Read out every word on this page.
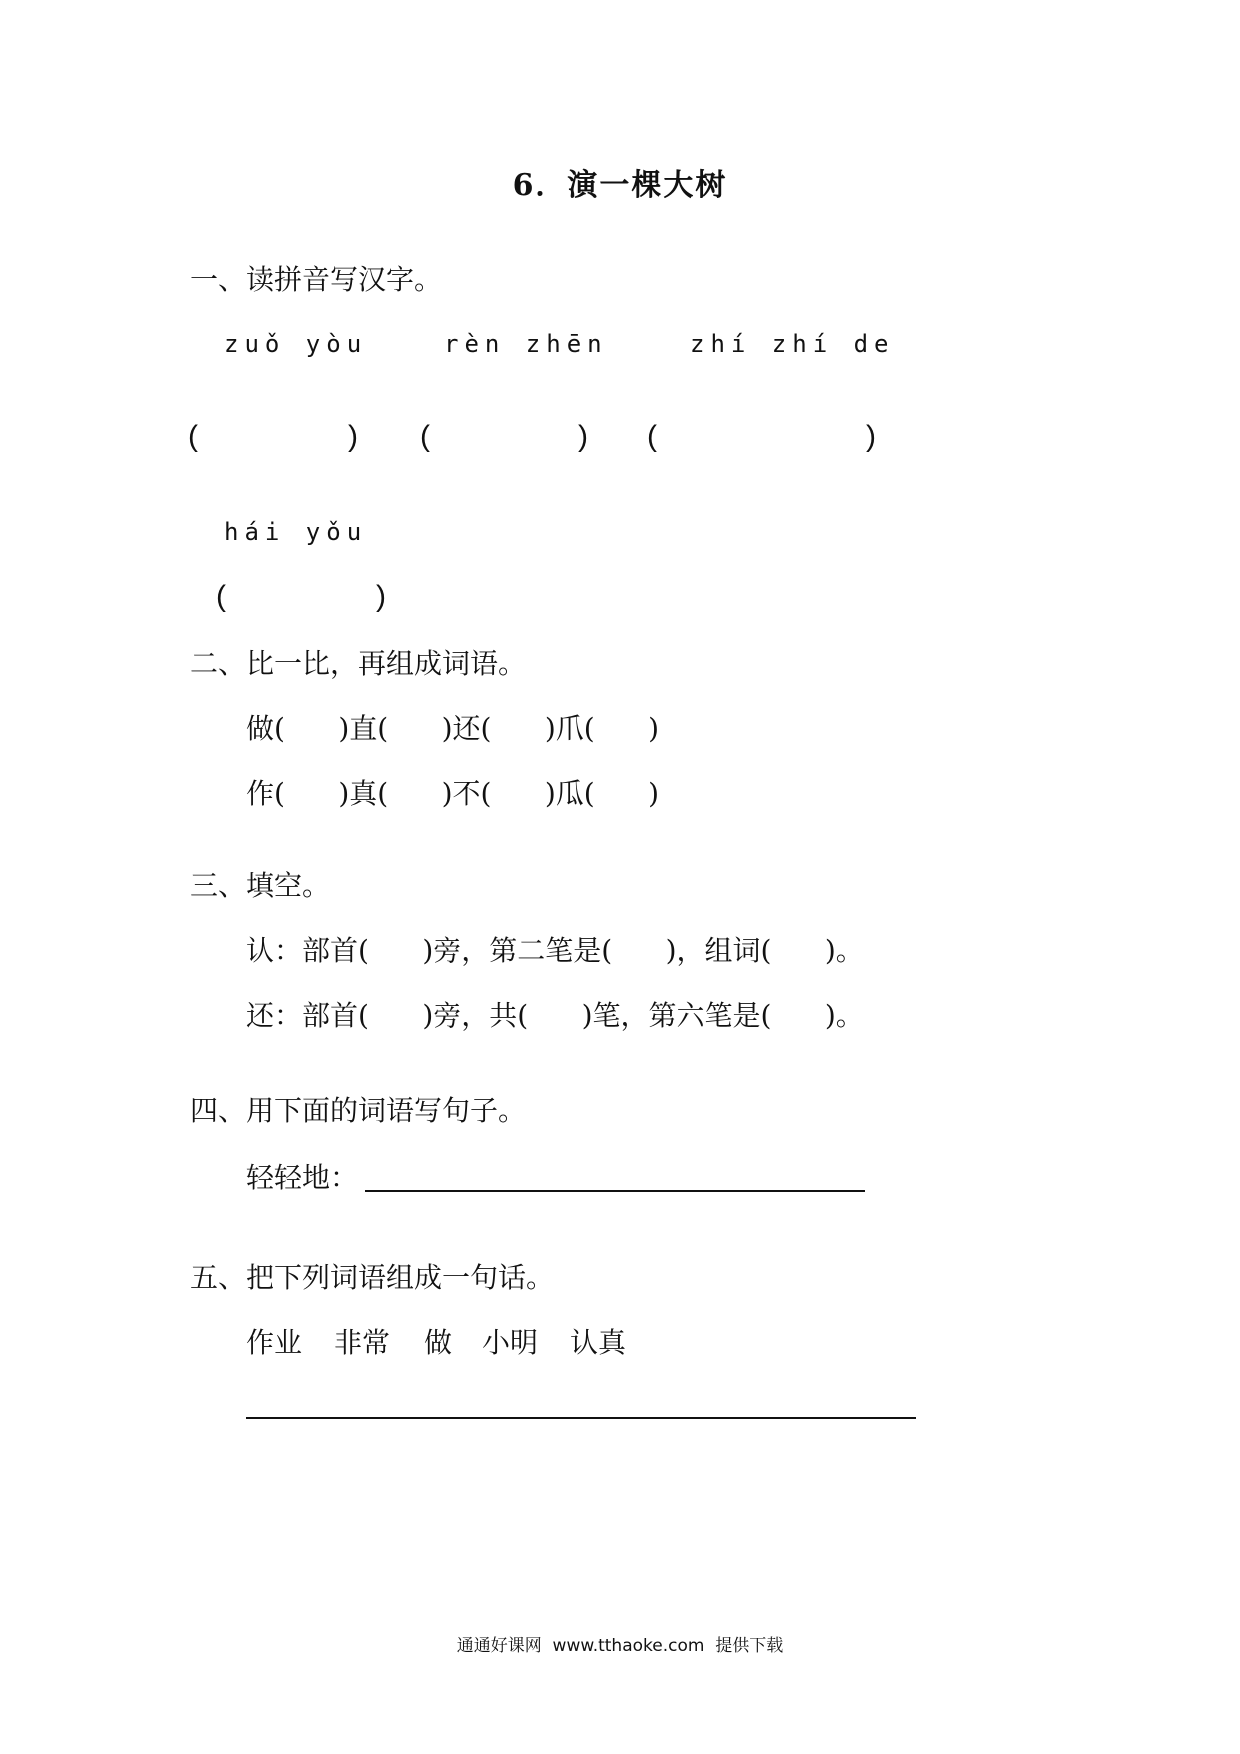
6．演一棵大树
一、读拼音写汉字。
zuǒ yòu	rèn zhēn	zhí zhí de
(	) (	) (	)
hái yǒu
(	)
二、比一比，再组成词语。
做(      )直(      )还(      )爪(      )
作(      )真(      )不(      )瓜(      )
三、填空。
认：部首(      )旁，第二笔是(      )，组词(      )。
还：部首(      )旁，共(      )笔，第六笔是(      )。
四、用下面的词语写句子。
轻轻地：
五、把下列词语组成一句话。
作业 非常 做 小明 认真
通通好课网  www.tthaoke.com  提供下载
